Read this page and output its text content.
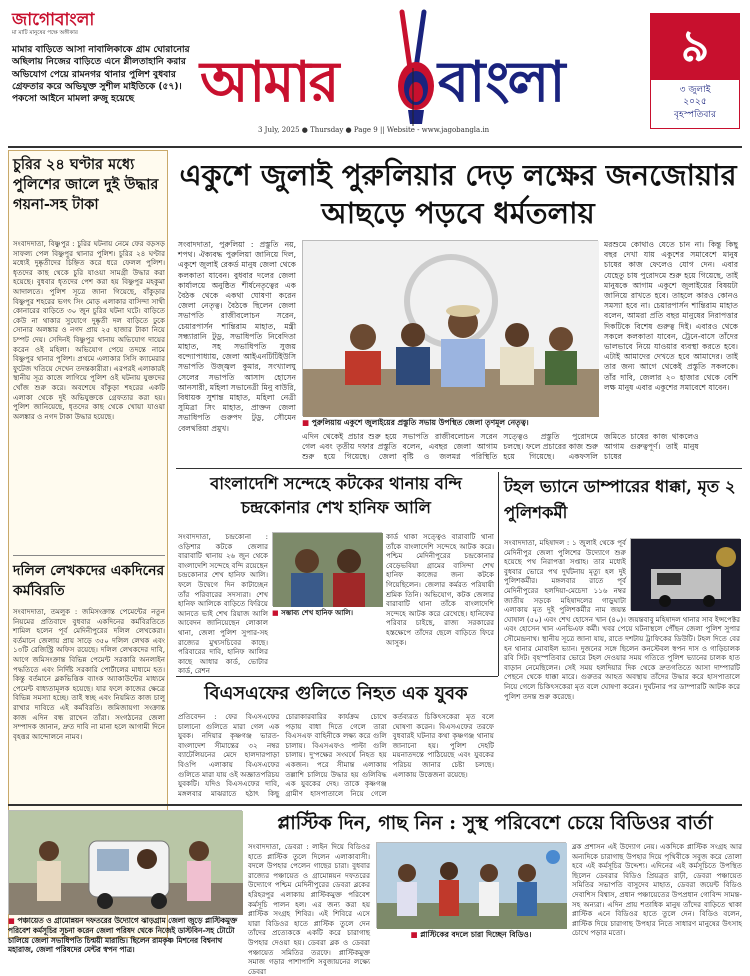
জাগোবাংলা
মা মাটি মানুষের পক্ষে অঙ্গীকার
মামার বাড়িতে আসা নাবালিকাকে গ্রাম ঘোরানোর অছিলায় নিজের বাড়িতে এনে শ্লীলতাহানি করার অভিযোগ পেয়ে রামনগর থানার পুলিশ বুধবার গ্রেফতার করে অভিযুক্ত সুশীল মাইতিকে (৫৭)। পকসো আইনে মামলা রুজু হয়েছে	আমার বাংলা
3 July, 2025 ● Thursday ● Page 9 || Website - www.jagobangla.in
৯
৩ জুলাই
২০২৫
বৃহস্পতিবার
চুরির ২৪ ঘণ্টার মধ্যে পুলিশের জালে দুই উদ্ধার গয়না-সহ টাকা
সংবাদদাতা, বিষ্ণুপুর : চুরির ঘটনায় নেমে ফের বড়সড় সাফল্য পেল বিষ্ণুপুর থানার পুলিশ। চুরির ২৪ ঘণ্টার মধ্যেই দুষ্কৃতীদের চিহ্নিত করে ধরে ফেলল পুলিশ। ধৃতদের কাছ থেকে চুরি যাওয়া সামগ্রী উদ্ধার করা হয়েছে। বুধবার ধৃতদের পেশ করা হয় বিষ্ণুপুর মহকুমা আদালতে। পুলিশ সূত্রে জানা গিয়েছে, বাঁকুড়ার বিষ্ণুপুর শহরের ভগৎ সিং মোড় এলাকার বাসিন্দা সাথী কোনারের বাড়িতে ৩০ জুন চুরির ঘটনা ঘটে। বাড়িতে কেউ না থাকার সুযোগে দুষ্কৃতী দল বাড়িতে ঢুকে সোনার অলঙ্কার ও নগদ প্রায় ২৫ হাজার টাকা নিয়ে চম্পট দেয়। সেদিনই বিষ্ণুপুর থানায় অভিযোগ দায়ের করেন ওই মহিলা। অভিযোগ পেয়ে তদন্তে নামে বিষ্ণুপুর থানার পুলিশ। প্রথমে এলাকার সিসি ক্যামেরার ফুটেজ খতিয়ে দেখেন তদন্তকারীরা। এরপরই এলাকারই স্থানীয় সূত্র কাজে লাগিয়ে পুলিশ ওই ঘটনায় যুক্তদের খোঁজ শুরু করে। অবশেষে বাঁকুড়া শহরের একটি এলাকা থেকে দুই অভিযুক্তকে গ্রেফতার করা হয়। পুলিশ জানিয়েছে, ধৃতদের কাছ থেকে খোয়া যাওয়া অলঙ্কার ও নগদ টাকা উদ্ধার হয়েছে।
দলিল লেখকদের একদিনের কর্মবিরতি
সংবাদদাতা, তমলুক : জমিসংক্রান্ত পেমেন্টের নতুন নিয়মের প্রতিবাদে বুধবার একদিনের কর্মবিরতিতে শামিল হলেন পূর্ব মেদিনীপুরের দলিল লেখকেরা। বর্তমানে জেলায় প্রায় সাড়ে ৩৫০ দলিল লেখক এবং ১৩টি রেজিস্ট্রি অফিস রয়েছে। দলিল লেখকদের দাবি, আগে জমিসংক্রান্ত বিভিন্ন পেমেন্ট সরকারি অনলাইন পদ্ধতিতে এবং নির্দিষ্ট সরকারি পোর্টালের মাধ্যমে হত। কিন্তু বর্তমানে ব্লকভিত্তিক ব্যাংক অ্যাকাউন্টের মাধ্যমে পেমেন্ট বাধ্যতামূলক হয়েছে। যার ফলে কাজের ক্ষেত্রে বিভিন্ন সমস্যা হচ্ছে। তাই স্বচ্ছ এবং নিয়মিত কাজ চালু রাখার দাবিতে এই কর্মবিরতি। জমিজায়গা সংক্রান্ত কাজ এদিন বন্ধ রাখেন তাঁরা। সংগঠনের জেলা সম্পাদক জানান, দ্রুত দাবি না মানা হলে আগামী দিনে বৃহত্তর আন্দোলনে নামব।
একুশে জুলাই পুরুলিয়ার দেড় লক্ষের জনজোয়ার আছড়ে পড়বে ধর্মতলায়
সংবাদদাতা, পুরুলিয়া : প্রস্তুতি নয়, শপথ। ঐক্যবদ্ধ পুরুলিয়া জানিয়ে দিল, একুশে জুলাই রেকর্ড মানুষ জেলা থেকে কলকাতা যাবেন। বুধবার দলের জেলা কার্যালয়ে অনুষ্ঠিত শীর্ষনেতৃত্বের এক বৈঠক থেকে একথা ঘোষণা করেন জেলা নেতৃত্ব। বৈঠকে ছিলেন জেলা সভাপতি রাজীবলোচন সরেন, চেয়ারপার্সন শান্তিরাম মাহাত, মন্ত্রী সন্ধ্যারানি টুডু, সভাধিপতি নিবেদিতা মাহাত, সহ সভাধিপতি সুজয় বন্দ্যোপাধ্যায়, জেলা আইএনটিটিইউসি সভাপতি উজ্জ্বল কুমার, সংখ্যালঘু সেলের সভাপতি আসাদ হোসেন আনসারী, মহিলা সভানেত্রী মিনু বাউরি, বিধায়ক সুশান্ত মাহাত, মহিলা নেত্রী সুমিত্রা সিং মাহাত, প্রাক্তন জেলা সভাধিপতি গুরুপদ টুডু, সৌমেন বেলথরিয়া প্রমুখ।
■ পুরুলিয়ায় একুশে জুলাইয়ের প্রস্তুতি সভায় উপস্থিত জেলা তৃণমূল নেতৃত্ব।
এদিন থেকেই প্রচার শুরু হয়ে গেল এবং তৃতীয় দফার প্রস্তুতি শুরু হয়ে গিয়েছে। জেলা সভাপতি রাজীবলোচন সরেন বলেন, এবছর জেলা আগাম বৃষ্টি ও জলমগ্ন পরিস্থিতি সত্ত্বেও প্রস্তুতি পুরোদমে চলছে। ফলে প্রচারের কাজ শুরু হয়ে গিয়েছে। একফসলি জমিতে চাষের কাজ থাকলেও আগাম গুরুত্বপূর্ণ। তাই মানুষ চাষের
মরশুমে কোথাও যেতে চান না। কিন্তু কিছু বছর দেখা যায় একুশের সমাবেশে মানুষ চাষের কাজ ফেলেও যোগ দেন। এবার যেহেতু চাষ পুরোদমে শুরু হয়ে গিয়েছে, তাই মানুষকে আগাম একুশে জুলাইয়ের বিষয়টা জানিয়ে রাখতে হবে। তাহলে কারও কোনও সমস্যা হবে না। চেয়ারপার্সন শান্তিরাম মাহাত বলেন, আমরা প্রতি বছর মানুষের নিরাপত্তার দিকটিকে বিশেষ গুরুত্ব দিই। এবারও থেকে সকলে কলকাতা যাবেন, ট্রেনে-বাসে তাঁদের ভালভাবে নিয়ে যাওয়ার ব্যবস্থা করতে হবে। এটাই আমাদের দেখতে হবে আমাদের। তাই তার জন্য আগে থেকেই প্রস্তুতি সকলকে। তাঁর দাবি, জেলার ২০ হাজার থেকে বেশি লক্ষ মানুষ এবার একুশের সমাবেশে যাবেন।
বাংলাদেশি সন্দেহে কটকের থানায় বন্দি চন্দ্রকোনার শেখ হানিফ আলি
সংবাদদাতা, চন্দ্রকোনা : ওড়িশার কটকে জেলার বারাবাটি থানায় ২৬ জুন থেকে বাংলাদেশি সন্দেহে বন্দি রয়েছেন চন্দ্রকোনার শেখ হানিফ আলি। ফলে উদ্বেগে দিন কাটাচ্ছেন তাঁর পরিবারের সদস্যরা। শেখ হানিফ আলিকে বাড়িতে ফিরিয়ে আনতে ভাই শেখ রিয়াজ আলি আবেদন জানিয়েছেন লোকাল থানা, জেলা পুলিশ সুপার-সহ রাজ্যের মুখ্যসচিবের কাছে। পরিবারের দাবি, হানিফ আলির কাছে আধার কার্ড, ভোটার কার্ড, রেশন
■ সম্ভাব্য শেখ হানিফ আলি।
কার্ড থাকা সত্ত্বেও বারাবাটি থানা তাঁকে বাংলাদেশি সন্দেহে আটক করে। পশ্চিম মেদিনীপুরের চন্দ্রকোনার বেড়েভবিয়া গ্রামের বাসিন্দা শেখ হানিফ কাজের জন্য কটকে গিয়েছিলেন। জেলার কর্মরত পরিযায়ী শ্রমিক তিনি। অভিযোগ, কটক জেলার বারাবাটি থানা তাঁকে বাংলাদেশি সন্দেহে আটক করে রেখেছে। হানিফের পরিবার চাইছে, রাজ্য সরকারের হস্তক্ষেপে তাঁদের ছেলে বাড়িতে ফিরে আসুক।
টহল ভ্যানে ডাম্পারের ধাক্কা, মৃত ২ পুলিশকর্মী
সংবাদদাতা, মহিষাদল : ১ জুলাই থেকে পূর্ব মেদিনীপুর জেলা পুলিশের উদ্যোগে শুরু হয়েছে পথ নিরাপত্তা সপ্তাহ। তার মধ্যেই বুধবার ভোরে পথ দুর্ঘটনায় মৃত্যু হল দুই পুলিশকর্মীর। মঙ্গলবার রাতে পূর্ব মেদিনীপুরের হলদিয়া-মেচেদা ১১৬ নম্বর জাতীয় সড়কে মহিষাদলের গাড়ুঘাটা এলাকায় মৃত দুই পুলিশকর্মীর নাম জয়ন্ত ঘোষাল (৫০) এবং শেখ হোসেন খান (৪০)। জয়ন্তবাবু মহিষাদল থানার সাব ইন্সপেক্টর এবং হোসেন খান এনভিএফ কর্মী। খবর পেয়ে ঘটনাস্থলে পৌঁছন জেলা পুলিশ সুপার সৌমেন্দ্রনাথ। স্থানীয় সূত্রে জানা যায়, রাতে দশটায় ট্রাফিকের ডিউটি। টহল দিতে বের হন থানার মোবাইল ভ্যান। দুজনের সঙ্গে ছিলেন কনস্টেবল স্বপন দাস ও গাড়িচালক রবি সিট। বৃহস্পতিবার ভোরে টহল দেওয়ার সময় গতিতে পুলিশ ভ্যানের চালক হাত বাড়ান নেমেছিলেন। সেই সময় হলদিয়ার দিক থেকে দ্রুতগতিতে আসা দাম্পারটি পেছনে থেকে ধাক্কা মারে। গুরুতর আহত অবস্থায় তাঁদের উদ্ধার করে হাসপাতালে নিয়ে গেলে চিকিৎসকেরা মৃত বলে ঘোষণা করেন। দুর্ঘটনার পর ডাম্পারটি আটক করে পুলিশ তদন্ত শুরু করেছে।
বিএসএফের গুলিতে নিহত এক যুবক
প্রতিবেদন : ফের বিএসএফের চালানো গুলিতে মারা গেল এক যুবক। নদিয়ার কৃষ্ণগঞ্জ ভারত-বাংলাদেশ সীমান্তের ৩২ নম্বর ব্যাটেলিয়নের মেদে হালদারপাড়া বিওপি এলাকায় বিএসএফের গুলিতে মারা যায় ওই অজ্ঞাতপরিচয় যুবকটি। যদিও বিএসএফের দাবি, মঙ্গলবার মাঝরাতে হঠাৎ কিছু চোরাকারবারির কার্যক্রম চোখে পড়ায় বাধা দিতে গেলে তারা বিএসএফ বাহিনীকে লক্ষ্য করে গুলি চালায়। বিএসএফও পাল্টা গুলি চালায়। দু'পক্ষের সংঘর্ষে নিহত হয় একজন। পরে সীমান্ত এলাকায় তল্লাশি চালিয়ে উদ্ধার হয় গুলিবিদ্ধ এক যুবকের দেহ। তাকে কৃষ্ণগঞ্জ গ্রামীণ হাসপাতালে নিয়ে গেলে কর্তব্যরত চিকিৎসকেরা মৃত বলে ঘোষণা করেন। বিএসএফের তরফে বুধবারই ঘটনার কথা কৃষ্ণগঞ্জ থানায় জানানো হয়। পুলিশ দেহটি ময়নাতদন্তে পাঠিয়েছে এবং যুবকের পরিচয় জানার চেষ্টা চলছে। এলাকায় উত্তেজনা রয়েছে।
■ পঞ্চায়েত ও গ্রামোন্নয়ন দফতরের উদ্যোগে ঝাড়গ্রাম জেলা জুড়ে প্লাস্টিকমুক্ত পরিবেশ কর্মসূচির সূচনা করেন জেলা পরিষদ থেকে নিজেই ডাস্টবিন-সহ টোটো চালিয়ে জেলা সভাধিপতি চিন্ময়ী মারান্ডি। ছিলেন রামকৃষ্ণ মিশনের বিশ্বনাথ মহারাজ, জেলা পরিষদের মেন্টর স্বপন পাত্র।
প্লাস্টিক দিন, গাছ নিন : সুস্থ পরিবেশে চেয়ে বিডিওর বার্তা
সংবাদদাতা, ডেবরা : লাইন দিয়ে বিডিওর হাতে প্লাস্টিক তুলে দিলেন এলাকাবাসী। বদলে উপহার পেলেন গাছের চারা। বুধবার রাজ্যের পঞ্চায়েত ও গ্রামোন্নয়ন দফতরের উদ্যোগে পশ্চিম মেদিনীপুরের ডেবরা ব্লকের হরিহরপুর এলাকায় প্লাস্টিকমুক্ত পরিবেশ কর্মসূচি পালন হল। এর জন্য করা হয় প্লাস্টিক সংগ্রহ শিবির। এই শিবিরে এসে যারা বিডিওর হাতে প্লাস্টিক তুলে দেন তাঁদের প্রত্যেককে একটি করে চারাগাছ উপহার দেওয়া হয়। ডেবরা ব্লক ও ডেবরা পঞ্চায়েত সমিতির তরফে। প্লাস্টিকমুক্ত সমাজ গড়ার পাশাপাশি সবুজায়নের লক্ষ্যে ডেবরা
■ প্লাস্টিকের বদলে চারা দিচ্ছেন বিডিও।
ব্লক প্রশাসন এই উদ্যোগ নেয়। একদিকে প্লাস্টিক সংগ্রহ আর অন্যদিকে চারাগাছ উপহার দিয়ে পৃথিবীকে সবুজ করে তোলা হবে এই কর্মসূচির উদ্দেশ্য। এদিনের এই কর্মসূচিতে উপস্থিত ছিলেন ডেবরার বিডিও প্রিয়ব্রত রাঢ়ী, ডেবরা পঞ্চায়েত সমিতির সভাপতি বাসুদেব মাহাত, ডেবরা জয়েন্ট বিডিও দেবাশিস বিশ্বাস, প্রধান পঞ্চায়েতের উপপ্রধান গোবিন্দ সামন্ত-সহ অন্যরা। এদিন প্রায় শতাধিক মানুষ তাঁদের বাড়িতে থাকা প্লাস্টিক এনে বিডিওর হাতে তুলে দেন। বিডিও বলেন, প্লাস্টিক দিয়ে চারাগাছ উপহার নিতে সাধারণ মানুষের উৎসাহ চোখে পড়ার মতো।
